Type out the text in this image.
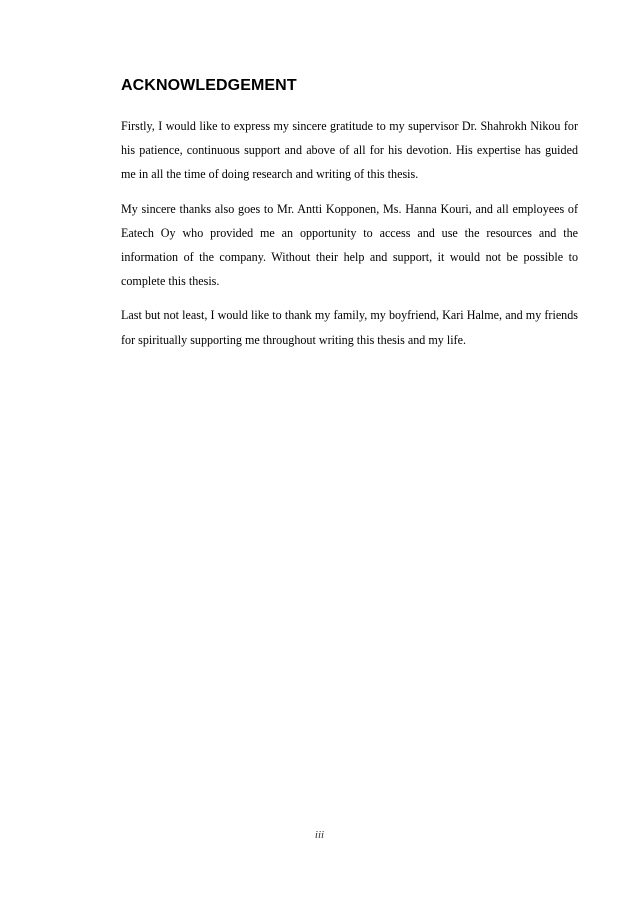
ACKNOWLEDGEMENT

Firstly, I would like to express my sincere gratitude to my supervisor Dr. Shahrokh Nikou for his patience, continuous support and above of all for his devotion. His expertise has guided me in all the time of doing research and writing of this thesis.

My sincere thanks also goes to Mr. Antti Kopponen, Ms. Hanna Kouri, and all employees of Eatech Oy who provided me an opportunity to access and use the resources and the information of the company. Without their help and support, it would not be possible to complete this thesis.

Last but not least, I would like to thank my family, my boyfriend, Kari Halme, and my friends for spiritually supporting me throughout writing this thesis and my life.

iii
